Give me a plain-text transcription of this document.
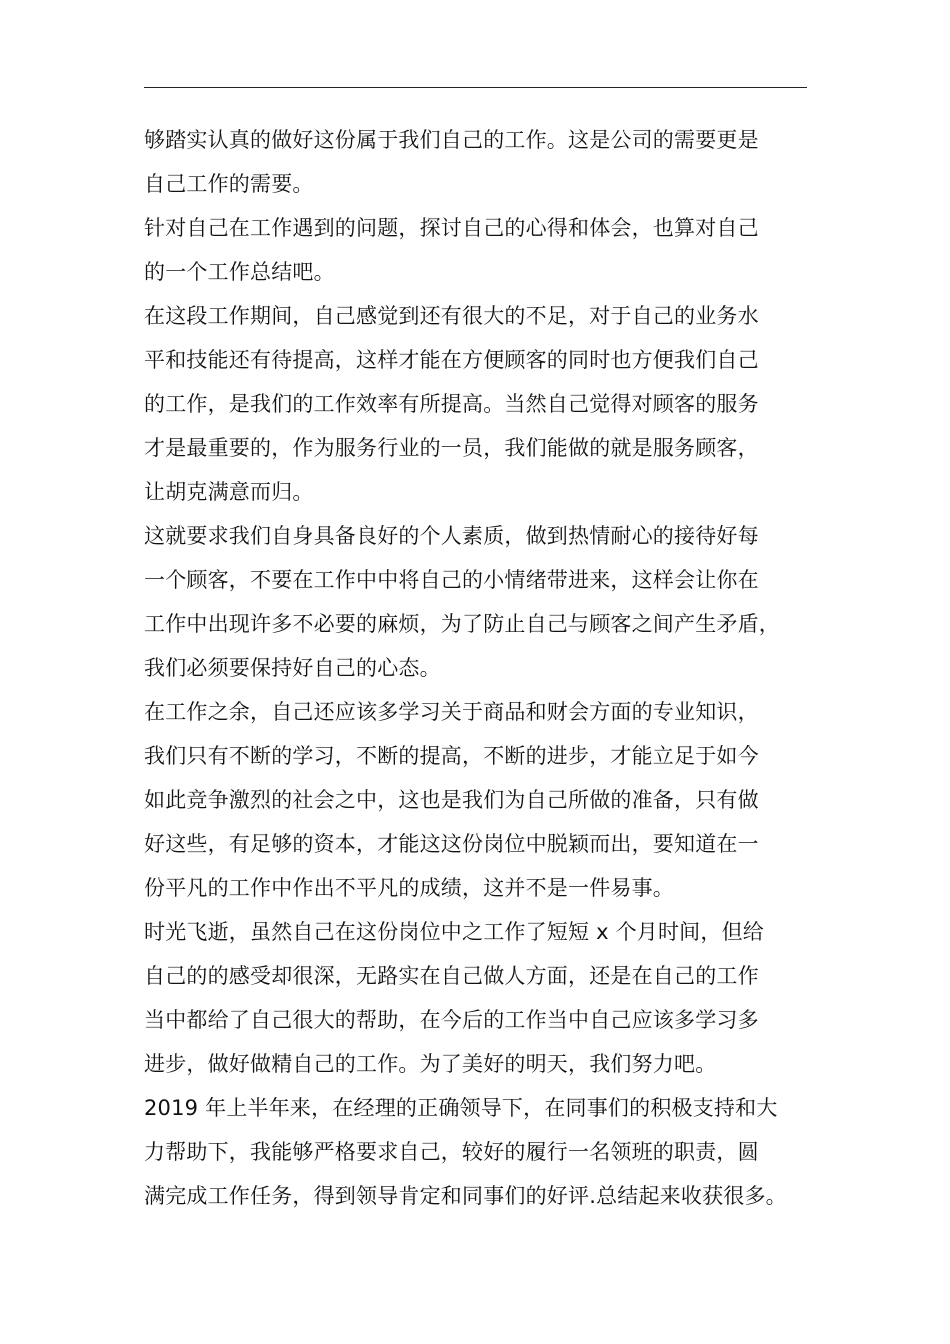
够踏实认真的做好这份属于我们自己的工作。这是公司的需要更是
自己工作的需要。
针对自己在工作遇到的问题，探讨自己的心得和体会，也算对自己
的一个工作总结吧。
在这段工作期间，自己感觉到还有很大的不足，对于自己的业务水
平和技能还有待提高，这样才能在方便顾客的同时也方便我们自己
的工作，是我们的工作效率有所提高。当然自己觉得对顾客的服务
才是最重要的，作为服务行业的一员，我们能做的就是服务顾客，
让胡克满意而归。
这就要求我们自身具备良好的个人素质，做到热情耐心的接待好每
一个顾客，不要在工作中中将自己的小情绪带进来，这样会让你在
工作中出现许多不必要的麻烦，为了防止自己与顾客之间产生矛盾，
我们必须要保持好自己的心态。
在工作之余，自己还应该多学习关于商品和财会方面的专业知识，
我们只有不断的学习，不断的提高，不断的进步，才能立足于如今
如此竞争激烈的社会之中，这也是我们为自己所做的准备，只有做
好这些，有足够的资本，才能这这份岗位中脱颖而出，要知道在一
份平凡的工作中作出不平凡的成绩，这并不是一件易事。
时光飞逝，虽然自己在这份岗位中之工作了短短 x 个月时间，但给
自己的的感受却很深，无路实在自己做人方面，还是在自己的工作
当中都给了自己很大的帮助，在今后的工作当中自己应该多学习多
进步，做好做精自己的工作。为了美好的明天，我们努力吧。
2019 年上半年来，在经理的正确领导下，在同事们的积极支持和大
力帮助下，我能够严格要求自己，较好的履行一名领班的职责，圆
满完成工作任务，得到领导肯定和同事们的好评.总结起来收获很多。
